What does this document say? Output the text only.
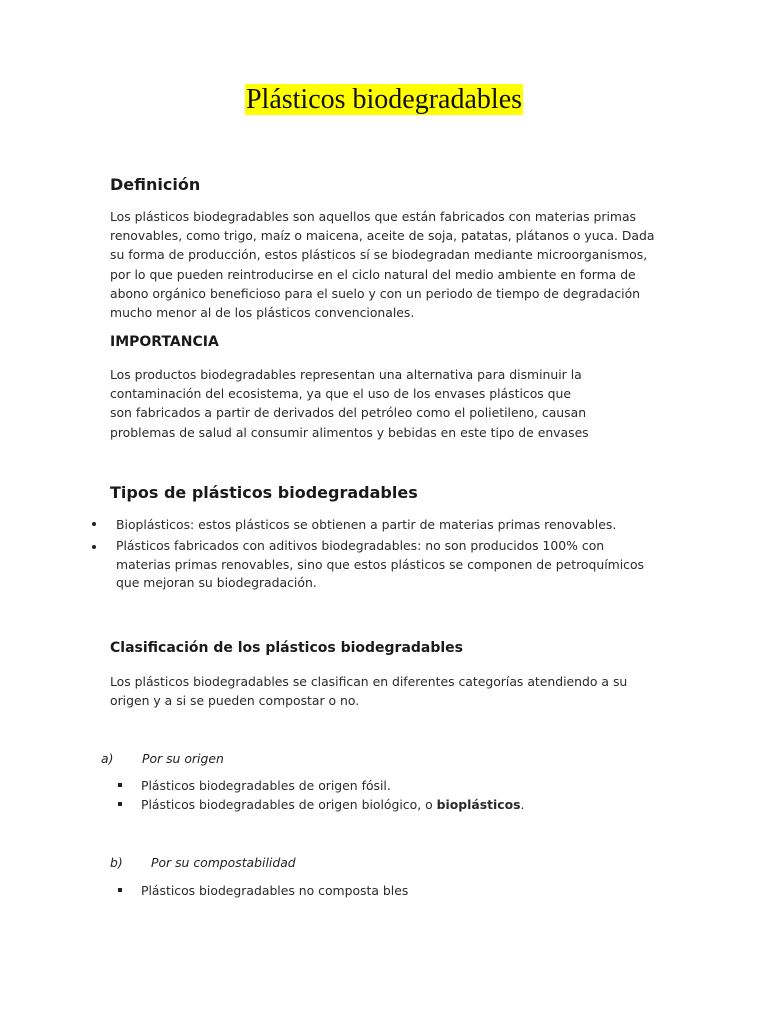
Plásticos biodegradables
Definición
Los plásticos biodegradables son aquellos que están fabricados con materias primas
renovables, como trigo, maíz o maicena, aceite de soja, patatas, plátanos o yuca. Dada
su forma de producción, estos plásticos sí se biodegradan mediante microorganismos,
por lo que pueden reintroducirse en el ciclo natural del medio ambiente en forma de
abono orgánico beneficioso para el suelo y con un periodo de tiempo de degradación
mucho menor al de los plásticos convencionales.
IMPORTANCIA
Los productos biodegradables representan una alternativa para disminuir la
contaminación del ecosistema, ya que el uso de los envases plásticos que
son fabricados a partir de derivados del petróleo como el polietileno, causan
problemas de salud al consumir alimentos y bebidas en este tipo de envases
Tipos de plásticos biodegradables
Bioplásticos: estos plásticos se obtienen a partir de materias primas renovables.
Plásticos fabricados con aditivos biodegradables: no son producidos 100% con
materias primas renovables, sino que estos plásticos se componen de petroquímicos
que mejoran su biodegradación.
Clasificación de los plásticos biodegradables
Los plásticos biodegradables se clasifican en diferentes categorías atendiendo a su
origen y a si se pueden compostar o no.
a) Por su origen
Plásticos biodegradables de origen fósil.
Plásticos biodegradables de origen biológico, o bioplásticos.
b) Por su compostabilidad
Plásticos biodegradables no composta bles
